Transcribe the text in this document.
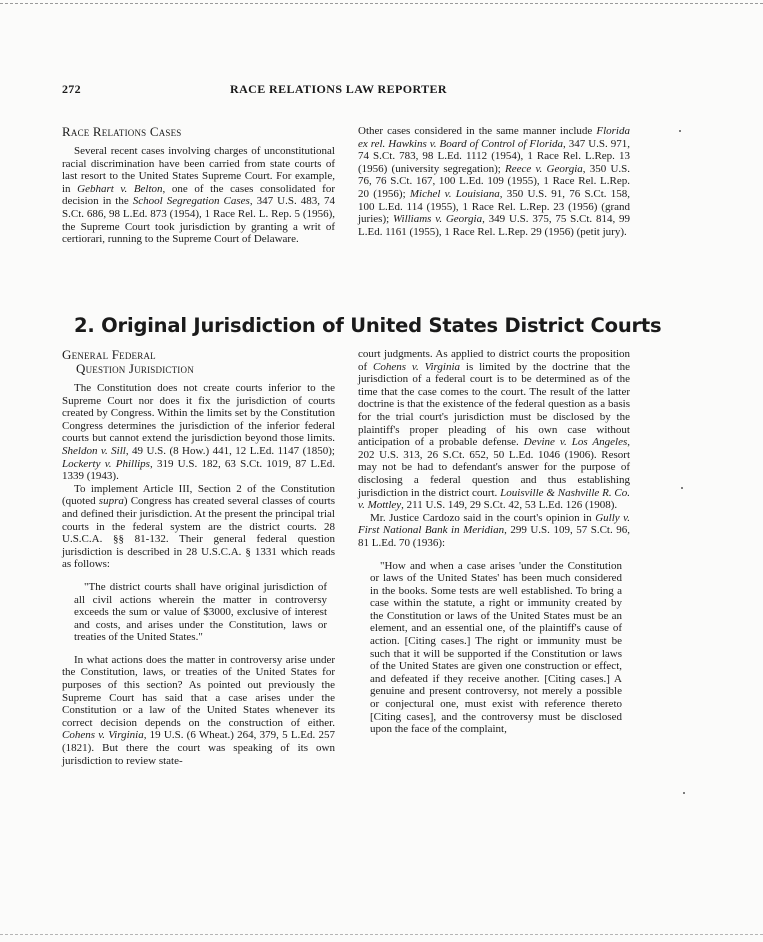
272	RACE RELATIONS LAW REPORTER
Race Relations Cases

Several recent cases involving charges of unconstitutional racial discrimination have been carried from state courts of last resort to the United States Supreme Court. For example, in Gebhart v. Belton, one of the cases consolidated for decision in the School Segregation Cases, 347 U.S. 483, 74 S.Ct. 686, 98 L.Ed. 873 (1954), 1 Race Rel. L. Rep. 5 (1956), the Supreme Court took jurisdiction by granting a writ of certiorari, running to the Supreme Court of Delaware.

Other cases considered in the same manner include Florida ex rel. Hawkins v. Board of Control of Florida, 347 U.S. 971, 74 S.Ct. 783, 98 L.Ed. 1112 (1954), 1 Race Rel. L.Rep. 13 (1956) (university segregation); Reece v. Georgia, 350 U.S. 76, 76 S.Ct. 167, 100 L.Ed. 109 (1955), 1 Race Rel. L.Rep. 20 (1956); Michel v. Louisiana, 350 U.S. 91, 76 S.Ct. 158, 100 L.Ed. 114 (1955), 1 Race Rel. L.Rep. 23 (1956) (grand juries); Williams v. Georgia, 349 U.S. 375, 75 S.Ct. 814, 99 L.Ed. 1161 (1955), 1 Race Rel. L.Rep. 29 (1956) (petit jury).

2. Original Jurisdiction of United States District Courts
General Federal
Question Jurisdiction

The Constitution does not create courts inferior to the Supreme Court nor does it fix the jurisdiction of courts created by Congress. Within the limits set by the Constitution Congress determines the jurisdiction of the inferior federal courts but cannot extend the jurisdiction beyond those limits. Sheldon v. Sill, 49 U.S. (8 How.) 441, 12 L.Ed. 1147 (1850); Lockerty v. Phillips, 319 U.S. 182, 63 S.Ct. 1019, 87 L.Ed. 1339 (1943).

To implement Article III, Section 2 of the Constitution (quoted supra) Congress has created several classes of courts and defined their jurisdiction. At the present the principal trial courts in the federal system are the district courts. 28 U.S.C.A. §§ 81-132. Their general federal question jurisdiction is described in 28 U.S.C.A. § 1331 which reads as follows:

"The district courts shall have original jurisdiction of all civil actions wherein the matter in controversy exceeds the sum or value of $3000, exclusive of interest and costs, and arises under the Constitution, laws or treaties of the United States."

In what actions does the matter in controversy arise under the Constitution, laws, or treaties of the United States for purposes of this section? As pointed out previously the Supreme Court has said that a case arises under the Constitution or a law of the United States whenever its correct decision depends on the construction of either. Cohens v. Virginia, 19 U.S. (6 Wheat.) 264, 379, 5 L.Ed. 257 (1821). But there the court was speaking of its own jurisdiction to review state-

court judgments. As applied to district courts the proposition of Cohens v. Virginia is limited by the doctrine that the jurisdiction of a federal court is to be determined as of the time that the case comes to the court. The result of the latter doctrine is that the existence of the federal question as a basis for the trial court's jurisdiction must be disclosed by the plaintiff's proper pleading of his own case without anticipation of a probable defense. Devine v. Los Angeles, 202 U.S. 313, 26 S.Ct. 652, 50 L.Ed. 1046 (1906). Resort may not be had to defendant's answer for the purpose of disclosing a federal question and thus establishing jurisdiction in the district court. Louisville & Nashville R. Co. v. Mottley, 211 U.S. 149, 29 S.Ct. 42, 53 L.Ed. 126 (1908).

Mr. Justice Cardozo said in the court's opinion in Gully v. First National Bank in Meridian, 299 U.S. 109, 57 S.Ct. 96, 81 L.Ed. 70 (1936):

"How and when a case arises 'under the Constitution or laws of the United States' has been much considered in the books. Some tests are well established. To bring a case within the statute, a right or immunity created by the Constitution or laws of the United States must be an element, and an essential one, of the plaintiff's cause of action. [Citing cases.] The right or immunity must be such that it will be supported if the Constitution or laws of the United States are given one construction or effect, and defeated if they receive another. [Citing cases.] A genuine and present controversy, not merely a possible or conjectural one, must exist with reference thereto [Citing cases], and the controversy must be disclosed upon the face of the complaint,
